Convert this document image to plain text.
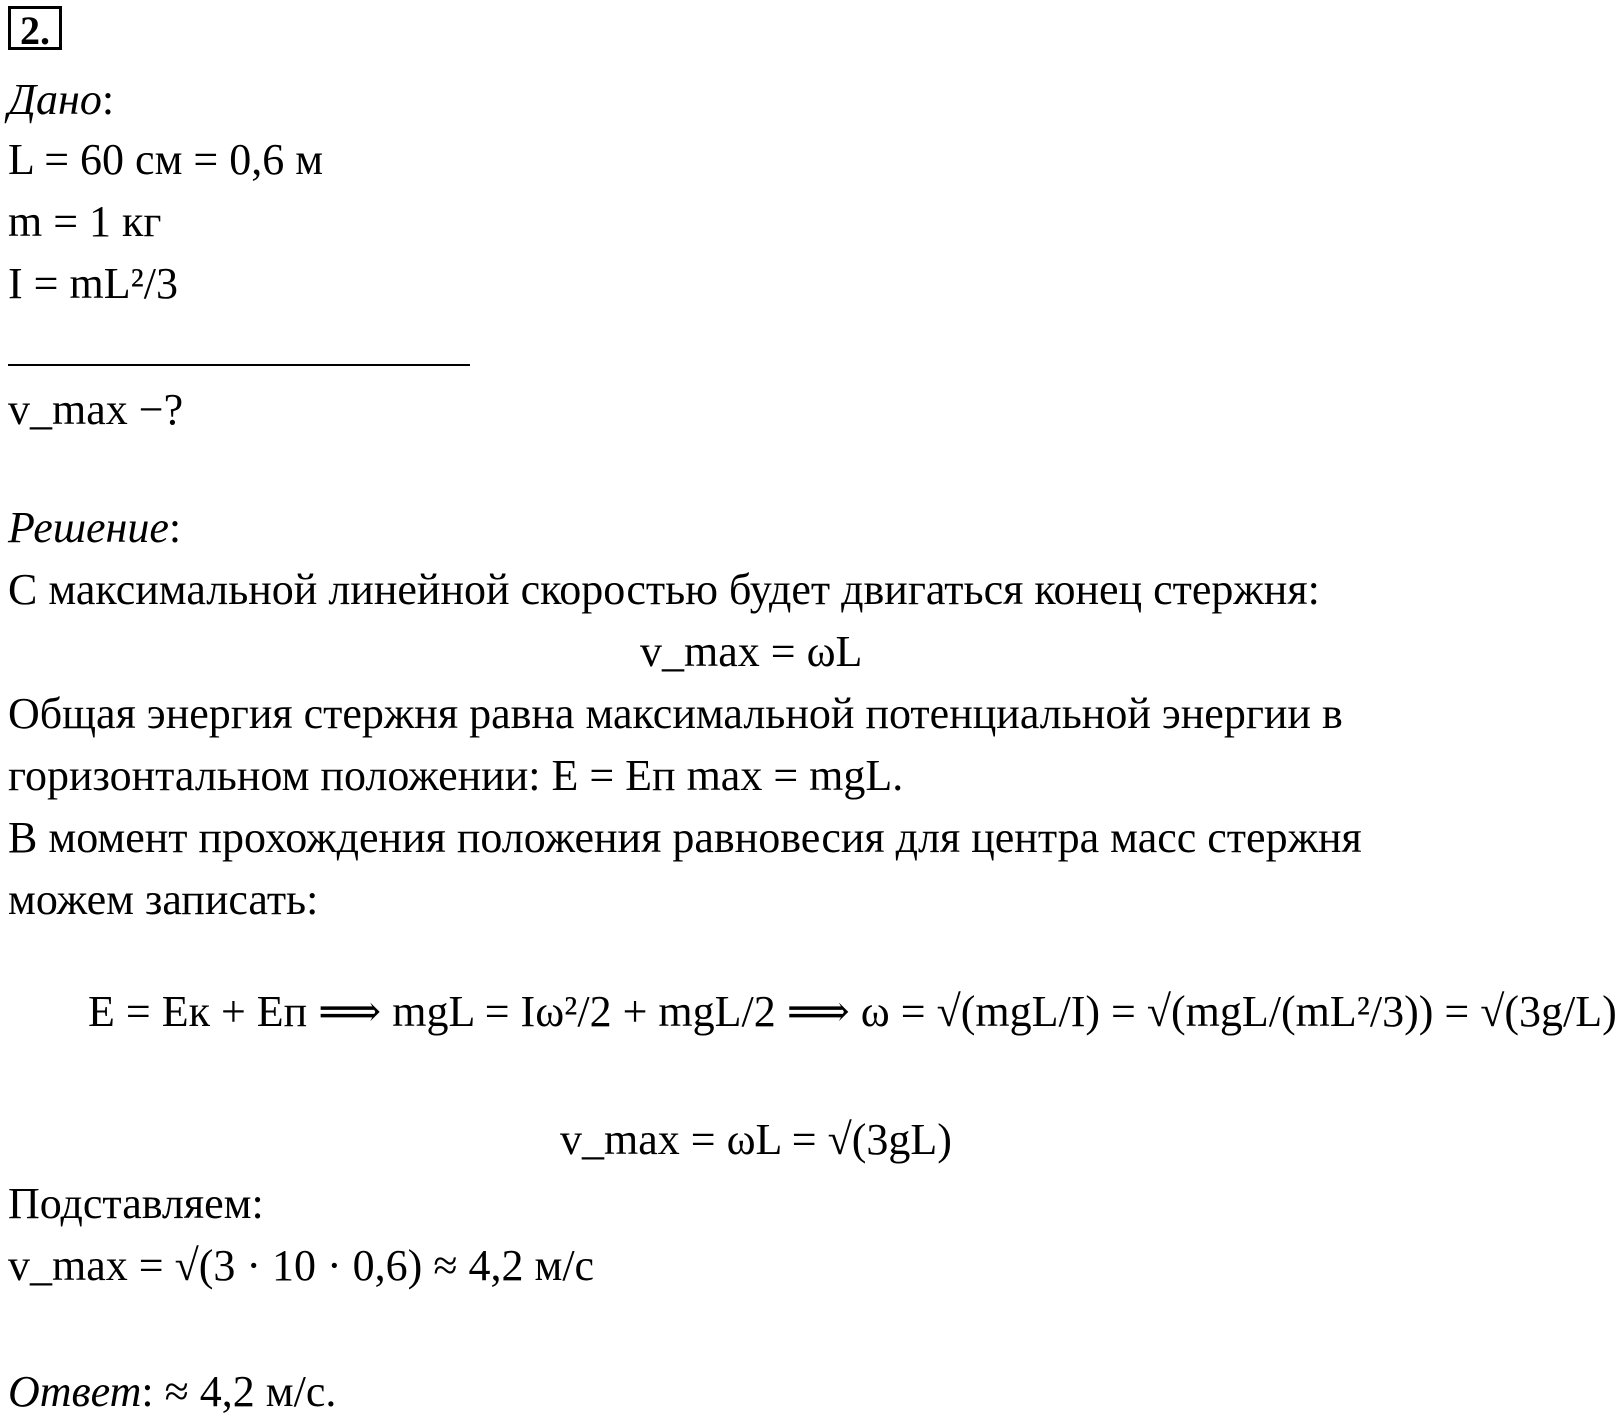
2.
Дано:
L = 60 см = 0,6 м
m = 1 кг
I = mL²/3
v_max −?
Решение:
С максимальной линейной скоростью будет двигаться конец стержня:
v_max = ωL
Общая энергия стержня равна максимальной потенциальной энергии в
горизонтальном положении: E = Eп max = mgL.
В момент прохождения положения равновесия для центра масс стержня
можем записать:
E = Eк + Eп ⟹ mgL = Iω²/2 + mgL/2 ⟹ ω = √(mgL/I) = √(mgL/(mL²/3)) = √(3g/L)
v_max = ωL = √(3gL)
Подставляем:
v_max = √(3 · 10 · 0,6) ≈ 4,2 м/с
Ответ: ≈ 4,2 м/с.
